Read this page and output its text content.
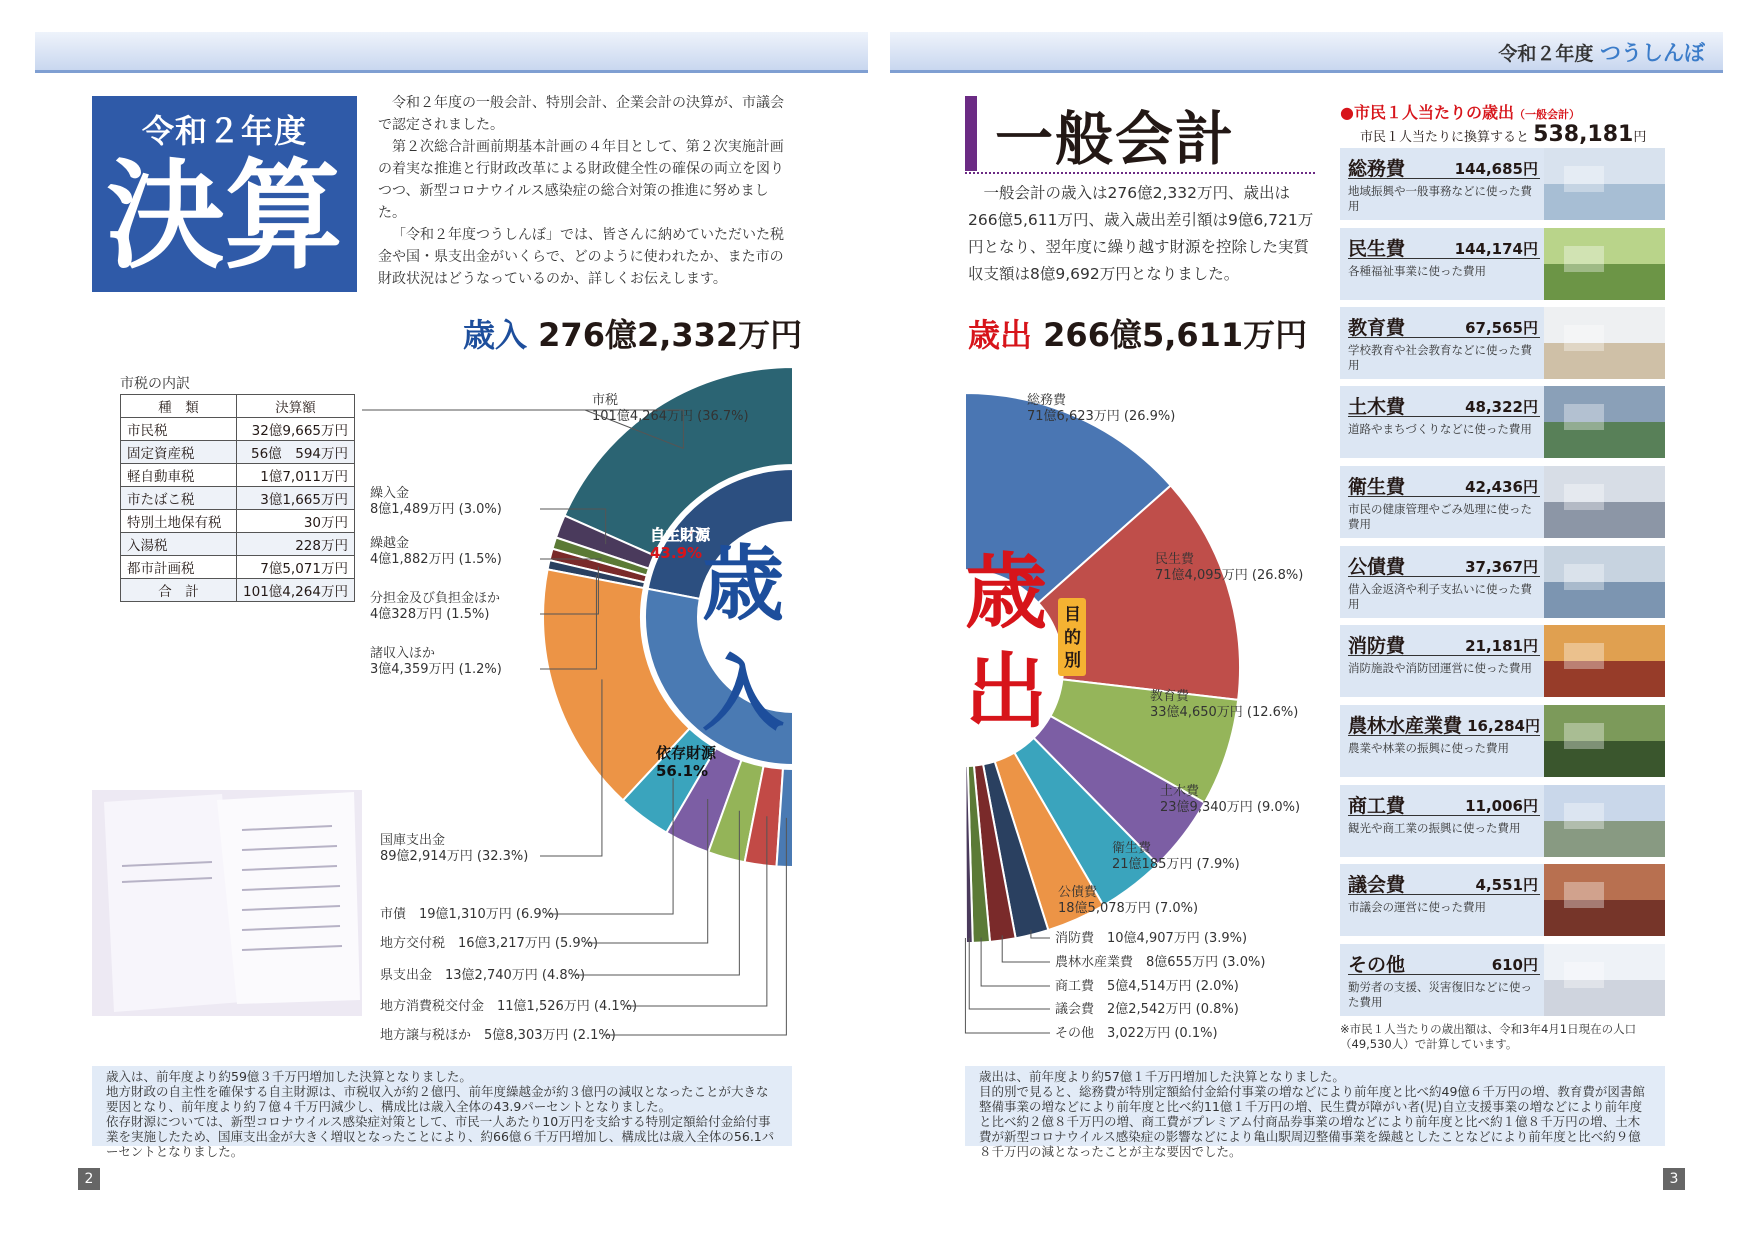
令和２年度 つうしんぼ
令和２年度
決算

令和２年度の一般会計、特別会計、企業会計の決算が、市議会で認定されました。

第２次総合計画前期基本計画の４年目として、第２次実施計画の着実な推進と行財政改革による財政健全性の確保の両立を図りつつ、新型コロナウイルス感染症の総合対策の推進に努めました。

「令和２年度つうしんぼ」では、皆さんに納めていただいた税金や国・県支出金がいくらで、どのように使われたか、また市の財政状況はどうなっているのか、詳しくお伝えします。

歳入 276億2,332万円
市税の内訳
種　類	決算額
市民税	32億9,665万円
固定資産税	56億　594万円
軽自動車税	1億7,011万円
市たばこ税	3億1,665万円
特別土地保有税	30万円
入湯税	228万円
都市計画税	7億5,071万円
合　計	101億4,264万円
自主財源
43.9%
依存財源
56.1%
歳
入
市税
101億4,264万円 (36.7%)
繰入金
8億1,489万円 (3.0%)
繰越金
4億1,882万円 (1.5%)
分担金及び負担金ほか
4億328万円 (1.5%)
諸収入ほか
3億4,359万円 (1.2%)
国庫支出金
89億2,914万円 (32.3%)
市債　19億1,310万円 (6.9%)
地方交付税　16億3,217万円 (5.9%)
県支出金　13億2,740万円 (4.8%)
地方消費税交付金　11億1,526万円 (4.1%)
地方譲与税ほか　5億8,303万円 (2.1%)

歳入は、前年度より約59億３千万円増加した決算となりました。

地方財政の自主性を確保する自主財源は、市税収入が約２億円、前年度繰越金が約３億円の減収となったことが大きな要因となり、前年度より約７億４千万円減少し、構成比は歳入全体の43.9パーセントとなりました。

依存財源については、新型コロナウイルス感染症対策として、市民一人あたり10万円を支給する特別定額給付金給付事業を実施したため、国庫支出金が大きく増収となったことにより、約66億６千万円増加し、構成比は歳入全体の56.1パーセントとなりました。

2
一般会計

一般会計の歳入は276億2,332万円、歳出は266億5,611万円、歳入歳出差引額は9億6,721万円となり、翌年度に繰り越す財源を控除した実質収支額は8億9,692万円となりました。

歳出 266億5,611万円
歳
出
目
的
別
総務費
71億6,623万円 (26.9%)
民生費
71億4,095万円 (26.8%)
教育費
33億4,650万円 (12.6%)
土木費
23億9,340万円 (9.0%)
衛生費
21億185万円 (7.9%)
公債費
18億5,078万円 (7.0%)
消防費　10億4,907万円 (3.9%)
農林水産業費　8億655万円 (3.0%)
商工費　5億4,514万円 (2.0%)
議会費　2億2,542万円 (0.8%)
その他　3,022万円 (0.1%)
●市民１人当たりの歳出（一般会計）
市民１人当たりに換算すると 538,181円
総務費	144,685円
地域振興や一般事務などに使った費用
民生費	144,174円
各種福祉事業に使った費用
教育費	67,565円
学校教育や社会教育などに使った費用
土木費	48,322円
道路やまちづくりなどに使った費用
衛生費	42,436円
市民の健康管理やごみ処理に使った費用
公債費	37,367円
借入金返済や利子支払いに使った費用
消防費	21,181円
消防施設や消防団運営に使った費用
農林水産業費 16,284円
農業や林業の振興に使った費用
商工費	11,006円
観光や商工業の振興に使った費用
議会費	4,551円
市議会の運営に使った費用
その他	610円
勤労者の支援、災害復旧などに使った費用
※市民１人当たりの歳出額は、令和3年4月1日現在の人口（49,530人）で計算しています。

歳出は、前年度より約57億１千万円増加した決算となりました。

目的別で見ると、総務費が特別定額給付金給付事業の増などにより前年度と比べ約49億６千万円の増、教育費が図書館整備事業の増などにより前年度と比べ約11億１千万円の増、民生費が障がい者(児)自立支援事業の増などにより前年度と比べ約２億８千万円の増、商工費がプレミアム付商品券事業の増などにより前年度と比べ約１億８千万円の増、土木費が新型コロナウイルス感染症の影響などにより亀山駅周辺整備事業を繰越としたことなどにより前年度と比べ約９億８千万円の減となったことが主な要因でした。

3
